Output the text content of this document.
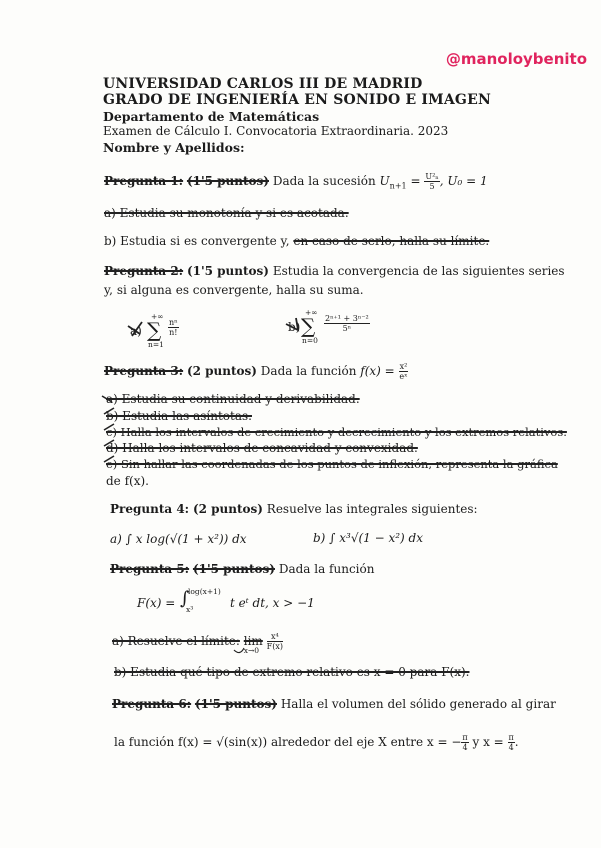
@manoloybenito
UNIVERSIDAD CARLOS III DE MADRID
GRADO DE INGENIERÍA EN SONIDO E IMAGEN
Departamento de Matemáticas
Examen de Cálculo I. Convocatoria Extraordinaria. 2023
Nombre y Apellidos:
Pregunta 1: (1'5 puntos) Dada la sucesión $U_{n+1} = \frac{\text{U²ₙ}}{5}$ , U₀ = 1
a) Estudia su monotonía y si es acotada.
b) Estudia si es convergente y, en caso de serlo, halla su límite.
Pregunta 2: (1'5 puntos) Estudia la convergencia de las siguientes series
y, si alguna es convergente, halla su suma.
a)
+∞
∑
n=1
$\frac{\text{nⁿ}}{n!}$	b)
+∞
∑
n=0
$\frac{\text{2ⁿ⁺¹ + 3ⁿ⁻²}}{\text{5ⁿ}}$
Pregunta 3: (2 puntos) Dada la función $f(x) = \frac{\text{x²}}{\text{eˣ}}$
a) Estudia su continuidad y derivabilidad.
b) Estudia las asíntotas.
c) Halla los intervalos de crecimiento y decrecimiento y los extremos relativos.
d) Halla los intervalos de concavidad y convexidad.
e) Sin hallar las coordenadas de los puntos de inflexión, representa la gráfica
de f(x).
Pregunta 4: (2 puntos) Resuelve las integrales siguientes:
a) ∫ x log(√(1 + x²)) dx	b) ∫ x³√(1 − x²) dx
Pregunta 5: (1'5 puntos) Dada la función
F(x) = ∫
log(x+1)
x³	t eᵗ dt, x > −1
a) Resuelve el límite: lim
x→0
$\frac{\text{x⁴}}{F(x)}$
b) Estudia qué tipo de extremo relativo es x = 0 para F(x).
Pregunta 6: (1'5 puntos) Halla el volumen del sólido generado al girar
la función f(x) = √(sin(x)) alrededor del eje X entre x = − $\frac{\pi}{4}$ y $x = \frac{\pi}{4}$ .
